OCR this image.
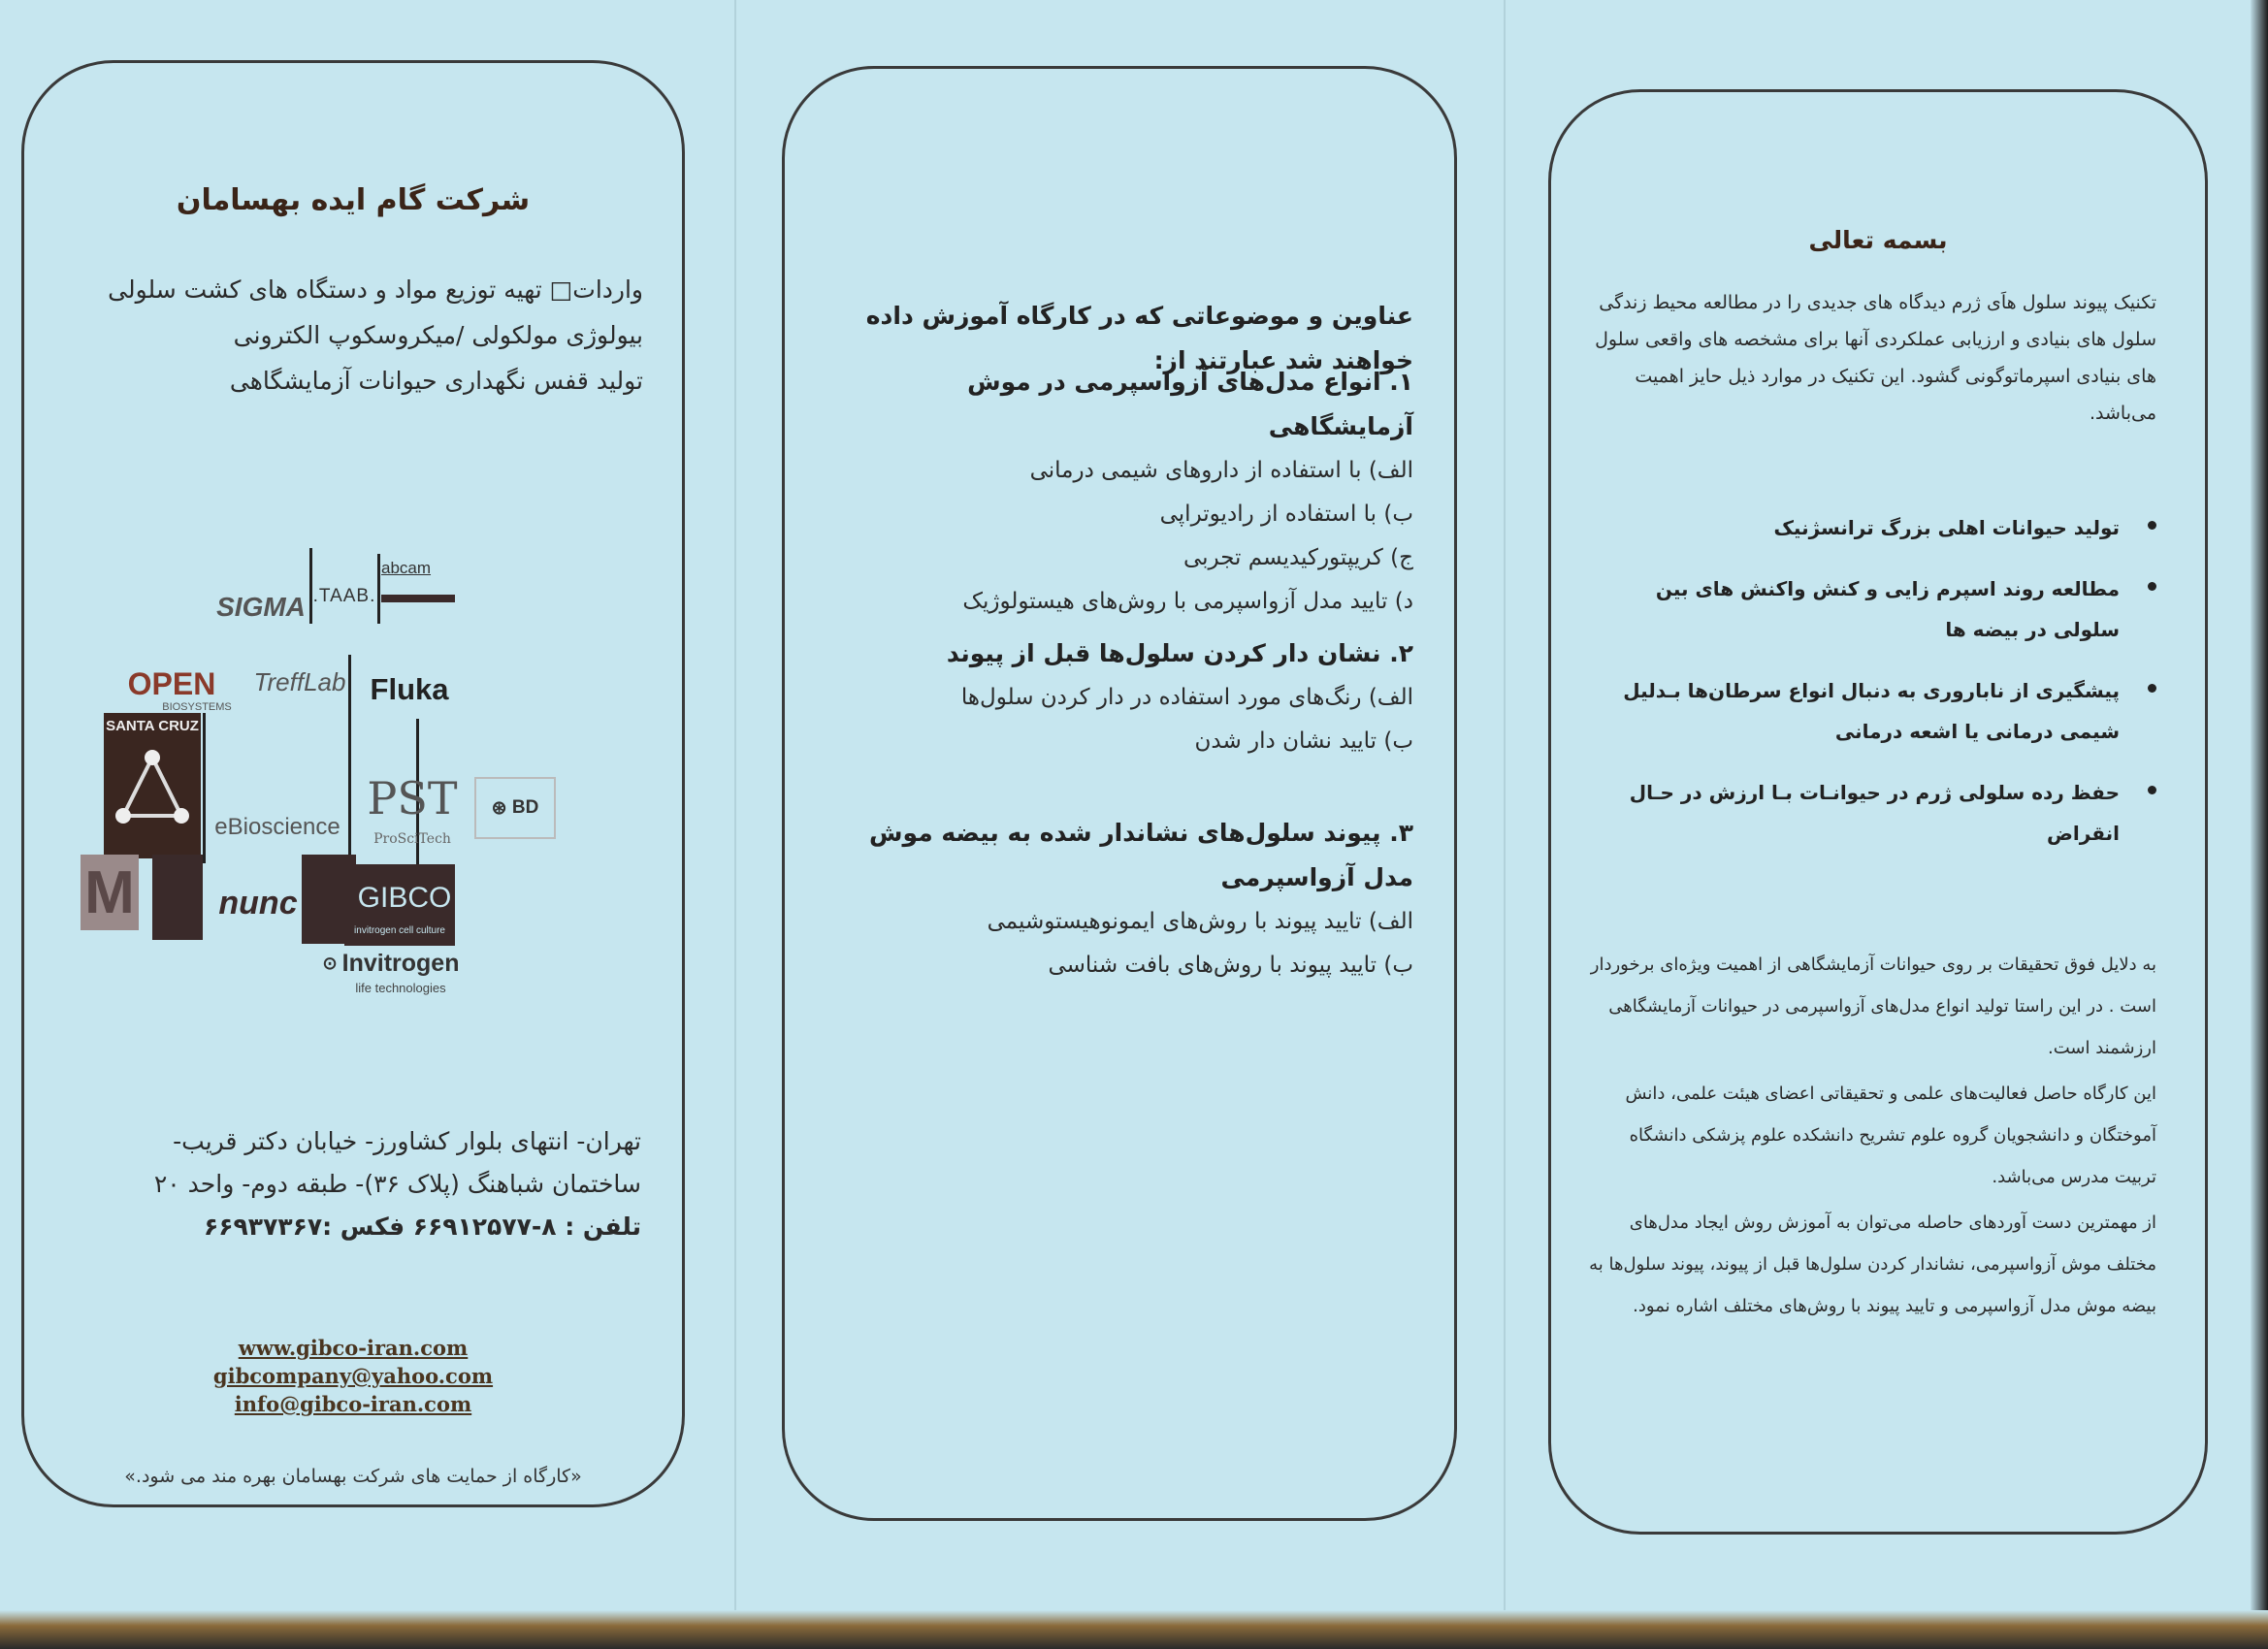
شرکت گام ایده بهسامان
واردات□ تهیه توزیع مواد و دستگاه های کشت سلولی
بیولوژی مولکولی /میکروسکوپ الکترونی
تولید قفس نگهداری حیوانات آزمایشگاهی
abcam
.TAAB.
SIGMA
OPEN
BIOSYSTEMS
TreffLab Fluka
SANTA CRUZ
eBioscience
PST
ProSciTech
⊛ BD
M	nunc	GIBCO
invitrogen cell culture
⊙ Invitrogen
life technologies
تهران- انتهای بلوار کشاورز- خیابان دکتر قریب-
ساختمان شباهنگ (پلاک ۳۶)- طبقه دوم- واحد ۲۰
تلفن : ۸-۶۶۹۱۲۵۷۷ فکس :۶۶۹۳۷۳۶۷
www.gibco-iran.com
gibcompany@yahoo.com
info@gibco-iran.com
«کارگاه از حمایت های شرکت بهسامان بهره مند می شود.»
عناوین و موضوعاتی که در کارگاه آموزش داده خواهند شد عبارتند از:
۱. انواع مدل‌های آزواسپرمی در موش آزمایشگاهی
الف) با استفاده از داروهای شیمی درمانی
ب) با استفاده از رادیوتراپی
ج) کریپتورکیدیسم تجربی
د) تایید مدل آزواسپرمی با روش‌های هیستولوژیک
۲. نشان دار کردن سلول‌ها قبل از پیوند
الف) رنگ‌های مورد استفاده در دار کردن سلول‌ها
ب) تایید نشان دار شدن
۳. پیوند سلول‌های نشاندار شده به بیضه موش مدل آزواسپرمی
الف) تایید پیوند با روش‌های ایمونوهیستوشیمی
ب) تایید پیوند با روش‌های بافت شناسی
بسمه تعالی
تکنیک پیوند سلول هاَی ژرم دیدگاه های جدیدی را در مطالعه محیط زندگی سلول های بنیادی و ارزیابی عملکردی آنها برای مشخصه های واقعی سلول های بنیادی اسپرماتوگونی گشود. این تکنیک در موارد ذیل حایز اهمیت می‌باشد.
تولید حیوانات اهلی بزرگ ترانسژنیک
مطالعه روند اسپرم زایی و کنش واکنش های بین سلولی در بیضه ها
پیشگیری از ناباروری به دنبال انواع سرطان‌ها بـدلیل شیمی درمانی یا اشعه درمانی
حفظ رده سلولی ژرم در حیوانـات بـا ارزش در حـال انقراض

به دلایل فوق تحقیقات بر روی حیوانات آزمایشگاهی از اهمیت ویژه‌ای برخوردار است . در این راستا تولید انواع مدل‌های آزواسپرمی در حیوانات آزمایشگاهی ارزشمند است.

این کارگاه حاصل فعالیت‌های علمی و تحقیقاتی اعضای هیئت علمی، دانش آموختگان و دانشجویان گروه علوم تشریح دانشکده علوم پزشکی دانشگاه تربیت مدرس می‌باشد.

از مهمترین دست آوردهای حاصله می‌توان به آموزش روش ایجاد مدل‌های مختلف موش آزواسپرمی، نشاندار کردن سلول‌ها قبل از پیوند، پیوند سلول‌ها به بیضه موش مدل آزواسپرمی و تایید پیوند با روش‌های مختلف اشاره نمود.
